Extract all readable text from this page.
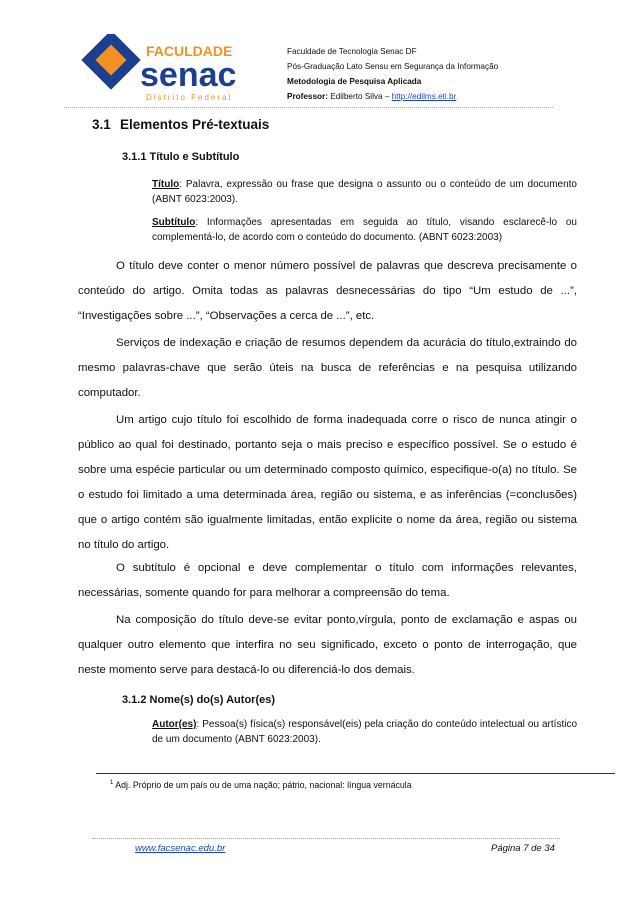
FACULDADE
senac
Distrito Federal
Faculdade de Tecnologia Senac DF
Pós-Graduação Lato Sensu em Segurança da Informação
Metodologia de Pesquisa Aplicada
Professor: Edilberto Silva – http://edilms.eti.br
3.1 Elementos Pré-textuais
3.1.1 Título e Subtítulo
Título: Palavra, expressão ou frase que designa o assunto ou o conteúdo de um documento (ABNT 6023:2003).
Subtítulo: Informações apresentadas em seguida ao título, visando esclarecê-lo ou complementá-lo, de acordo com o conteúdo do documento. (ABNT 6023:2003)
O título deve conter o menor número possível de palavras que descreva precisamente o conteúdo do artigo. Omita todas as palavras desnecessárias do tipo “Um estudo de ...”, “Investigações sobre ...”, “Observações a cerca de ...”, etc.
Serviços de indexação e criação de resumos dependem da acurácia do título,extraindo do mesmo palavras-chave que serão úteis na busca de referências e na pesquisa utilizando computador.
Um artigo cujo título foi escolhido de forma inadequada corre o risco de nunca atingir o público ao qual foi destinado, portanto seja o mais preciso e específico possível. Se o estudo é sobre uma espécie particular ou um determinado composto químico, especifique-o(a) no título. Se o estudo foi limitado a uma determinada área, região ou sistema, e as inferências (=conclusões) que o artigo contém são igualmente limitadas, então explicite o nome da área, região ou sistema no título do artigo.
O subtítulo é opcional e deve complementar o título com informações relevantes, necessárias, somente quando for para melhorar a compreensão do tema.
Na composição do título deve-se evitar ponto,vírgula, ponto de exclamação e aspas ou qualquer outro elemento que interfira no seu significado, exceto o ponto de interrogação, que neste momento serve para destacá-lo ou diferenciá-lo dos demais.
3.1.2 Nome(s) do(s) Autor(es)
Autor(es): Pessoa(s) física(s) responsável(eis) pela criação do conteúdo intelectual ou artístico de um documento (ABNT 6023:2003).
$^1$ Adj. Próprio de um país ou de uma nação; pátrio, nacional: língua vernácula
www.facsenac.edu.br	Página 7 de 34
